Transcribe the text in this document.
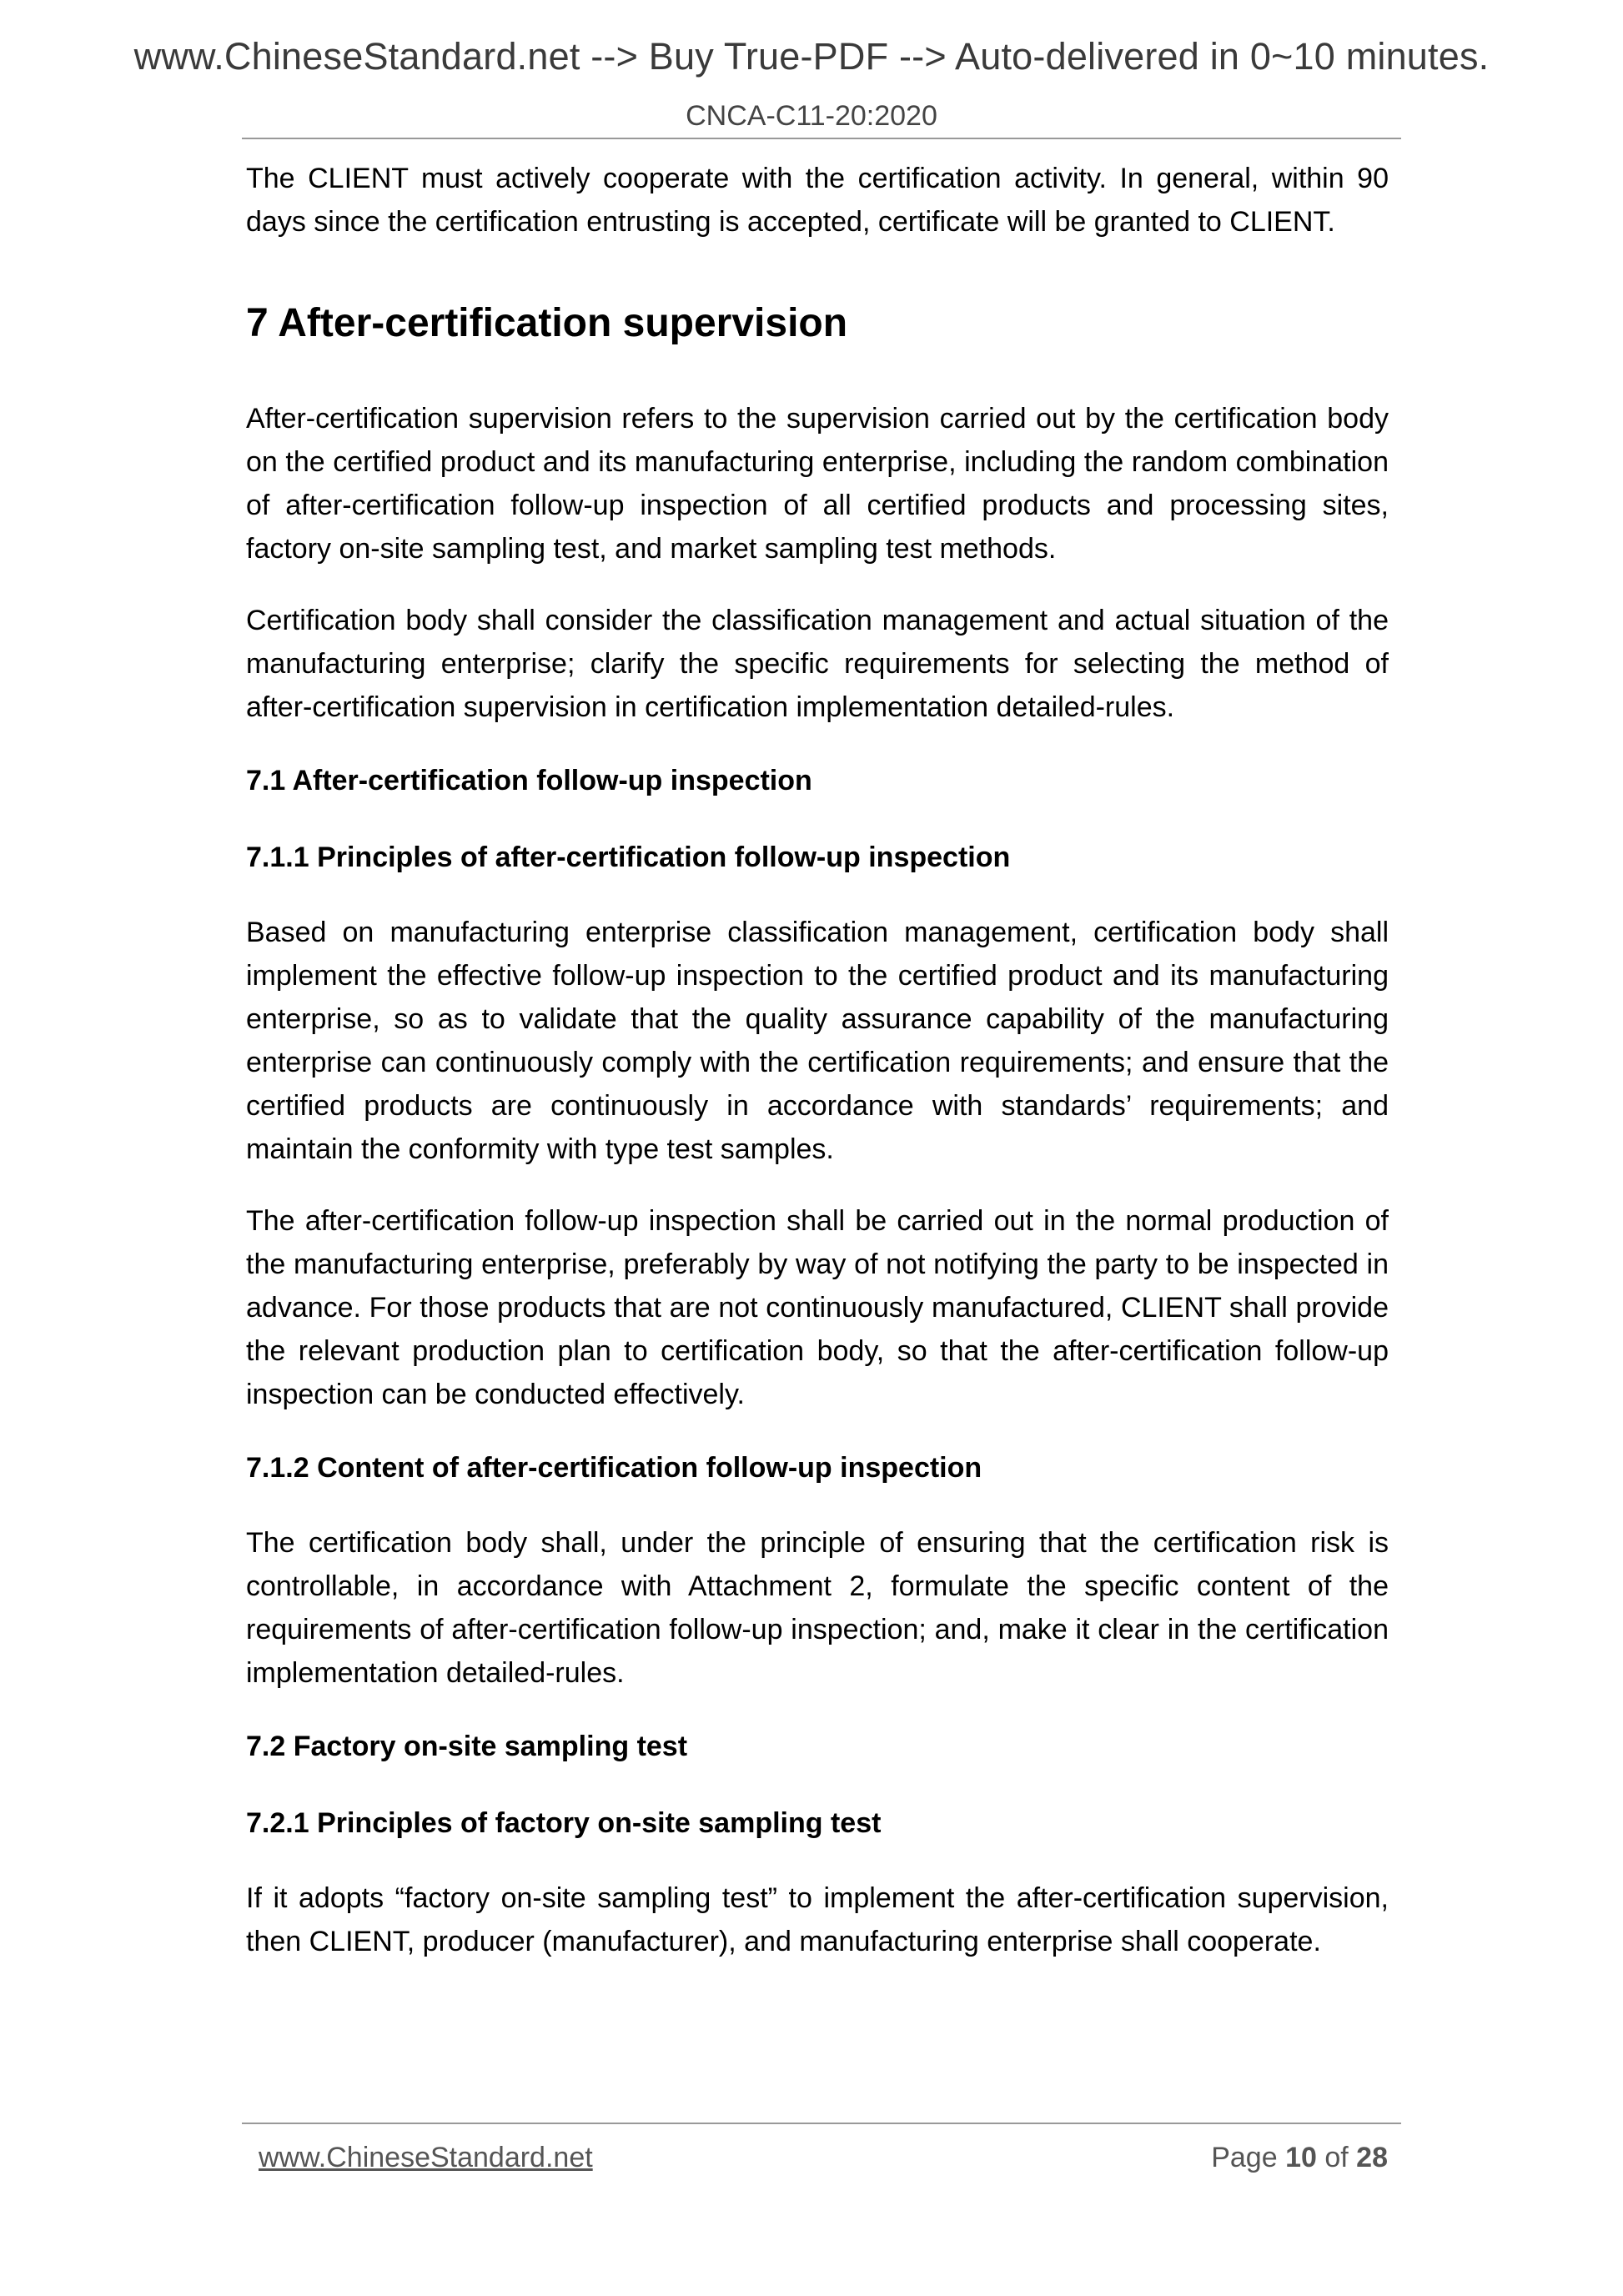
www.ChineseStandard.net --> Buy True-PDF --> Auto-delivered in 0~10 minutes.
CNCA-C11-20:2020

The CLIENT must actively cooperate with the certification activity. In general, within 90 days since the certification entrusting is accepted, certificate will be granted to CLIENT.

7 After-certification supervision

After-certification supervision refers to the supervision carried out by the certification body on the certified product and its manufacturing enterprise, including the random combination of after-certification follow-up inspection of all certified products and processing sites, factory on-site sampling test, and market sampling test methods.

Certification body shall consider the classification management and actual situation of the manufacturing enterprise; clarify the specific requirements for selecting the method of after-certification supervision in certification implementation detailed-rules.

7.1 After-certification follow-up inspection
7.1.1 Principles of after-certification follow-up inspection

Based on manufacturing enterprise classification management, certification body shall implement the effective follow-up inspection to the certified product and its manufacturing enterprise, so as to validate that the quality assurance capability of the manufacturing enterprise can continuously comply with the certification requirements; and ensure that the certified products are continuously in accordance with standards’ requirements; and maintain the conformity with type test samples.

The after-certification follow-up inspection shall be carried out in the normal production of the manufacturing enterprise, preferably by way of not notifying the party to be inspected in advance. For those products that are not continuously manufactured, CLIENT shall provide the relevant production plan to certification body, so that the after-certification follow-up inspection can be conducted effectively.

7.1.2 Content of after-certification follow-up inspection

The certification body shall, under the principle of ensuring that the certification risk is controllable, in accordance with Attachment 2, formulate the specific content of the requirements of after-certification follow-up inspection; and, make it clear in the certification implementation detailed-rules.

7.2 Factory on-site sampling test
7.2.1 Principles of factory on-site sampling test

If it adopts “factory on-site sampling test” to implement the after-certification supervision, then CLIENT, producer (manufacturer), and manufacturing enterprise shall cooperate.

www.ChineseStandard.net	Page 10 of 28
